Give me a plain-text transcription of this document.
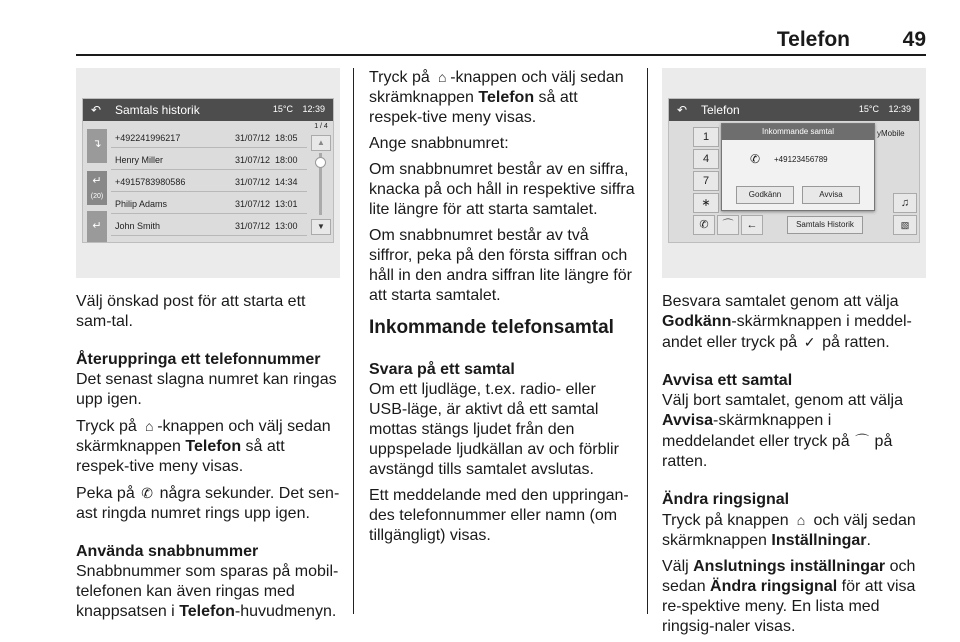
Telefon	49
↶ Samtals historik	15°C 12:39
↴
↵
(20)
↵
+492241996217	31/07/12 18:05
Henry Miller	31/07/12 18:00
+4915783980586	31/07/12 14:34
Philip Adams	31/07/12 13:01
John Smith	31/07/12 13:00
1 / 4
▲
▼
↶ Telefon	15°C 12:39
1
4
7
∗
yMobile
♫
▧
✆	⌒	←	Samtals Historik
Inkommande samtal
✆ +49123456789
Godkänn	Avvisa

Välj önskad post för att starta ett sam-tal.

Återuppringa ett telefonnummer

Det senast slagna numret kan ringas upp igen.

Tryck på ⌂ -knappen och välj sedan skärmknappen Telefon så att respek-tive meny visas.

Peka på ✆ några sekunder. Det sen-ast ringda numret rings upp igen.

Använda snabbnummer

Snabbnummer som sparas på mobil-telefonen kan även ringas med knappsatsen i Telefon-huvudmenyn.

Tryck på ⌂ -knappen och välj sedan skrämknappen Telefon så att respek-tive meny visas.

Ange snabbnumret:

Om snabbnumret består av en siffra, knacka på och håll in respektive siffra lite längre för att starta samtalet.

Om snabbnumret består av två siffror, peka på den första siffran och håll in den andra siffran lite längre för att starta samtalet.

Inkommande telefonsamtal
Svara på ett samtal

Om ett ljudläge, t.ex. radio- eller USB-läge, är aktivt då ett samtal mottas stängs ljudet från den uppspelade ljudkällan av och förblir avstängd tills samtalet avslutas.

Ett meddelande med den uppringan-des telefonnummer eller namn (om tillgängligt) visas.

Besvara samtalet genom att välja Godkänn-skärmknappen i meddel-andet eller tryck på ✓ på ratten.

Avvisa ett samtal

Välj bort samtalet, genom att välja Avvisa-skärmknappen i meddelandet eller tryck på ⌒ på ratten.

Ändra ringsignal

Tryck på knappen ⌂ och välj sedan skärmknappen Inställningar.

Välj Anslutnings inställningar och sedan Ändra ringsignal för att visa re-spektive meny. En lista med ringsig-naler visas.
